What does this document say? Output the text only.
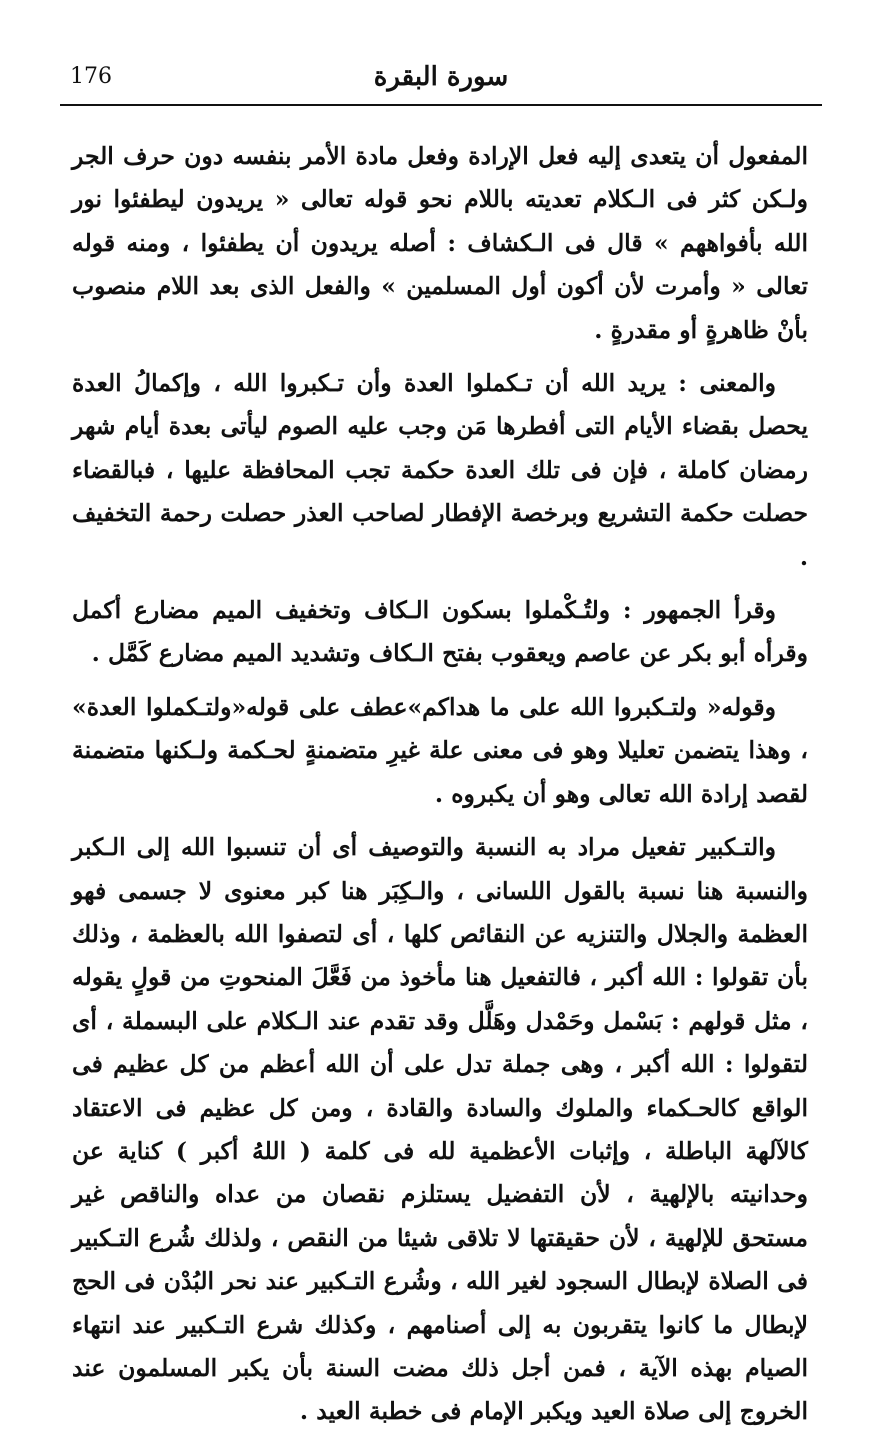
176	سورة البقرة

المفعول أن يتعدى إليه فعل الإرادة وفعل مادة الأمر بنفسه دون حرف الجر ولـكن كثر فى الـكلام تعديته باللام نحو قوله تعالى « يريدون ليطفئوا نور الله بأفواههم » قال فى الـكشاف : أصله يريدون أن يطفئوا ، ومنه قوله تعالى « وأمرت لأن أكون أول المسلمين » والفعل الذى بعد اللام منصوب بأنْ ظاهرةٍ أو مقدرةٍ .

والمعنى : يريد الله أن تـكملوا العدة وأن تـكبروا الله ، وإكمالُ العدة يحصل بقضاء الأيام التى أفطرها مَن وجب عليه الصوم ليأتى بعدة أيام شهر رمضان كاملة ، فإن فى تلك العدة حكمة تجب المحافظة عليها ، فبالقضاء حصلت حكمة التشريع وبرخصة الإفطار لصاحب العذر حصلت رحمة التخفيف .

وقرأ الجمهور : ولتُـكْملوا بسكون الـكاف وتخفيف الميم مضارع أكمل وقرأه أبو بكر عن عاصم ويعقوب بفتح الـكاف وتشديد الميم مضارع كَمَّل .

وقوله« ولتـكبروا الله على ما هداكم»عطف على قوله«ولتـكملوا العدة» ، وهذا يتضمن تعليلا وهو فى معنى علة غيرِ متضمنةٍ لحـكمة ولـكنها متضمنة لقصد إرادة الله تعالى وهو أن يكبروه .

والتـكبير تفعيل مراد به النسبة والتوصيف أى أن تنسبوا الله إلى الـكبر والنسبة هنا نسبة بالقول اللسانى ، والـكِبَر هنا كبر معنوى لا جسمى فهو العظمة والجلال والتنزيه عن النقائص كلها ، أى لتصفوا الله بالعظمة ، وذلك بأن تقولوا : الله أكبر ، فالتفعيل هنا مأخوذ من فَعَّلَ المنحوتِ من قولٍ يقوله ، مثل قولهم : بَسْمل وحَمْدل وهَلَّل وقد تقدم عند الـكلام على البسملة ، أى لتقولوا : الله أكبر ، وهى جملة تدل على أن الله أعظم من كل عظيم فى الواقع كالحـكماء والملوك والسادة والقادة ، ومن كل عظيم فى الاعتقاد كالآلهة الباطلة ، وإثبات الأعظمية لله فى كلمة ( اللهُ أكبر ) كناية عن وحدانيته بالإلهية ، لأن التفضيل يستلزم نقصان من عداه والناقص غير مستحق للإلهية ، لأن حقيقتها لا تلاقى شيئا من النقص ، ولذلك شُرع التـكبير فى الصلاة لإبطال السجود لغير الله ، وشُرع التـكبير عند نحر البُدْن فى الحج لإبطال ما كانوا يتقربون به إلى أصنامهم ، وكذلك شرع التـكبير عند انتهاء الصيام بهذه الآية ، فمن أجل ذلك مضت السنة بأن يكبر المسلمون عند الخروج إلى صلاة العيد ويكبر الإمام فى خطبة العيد .
